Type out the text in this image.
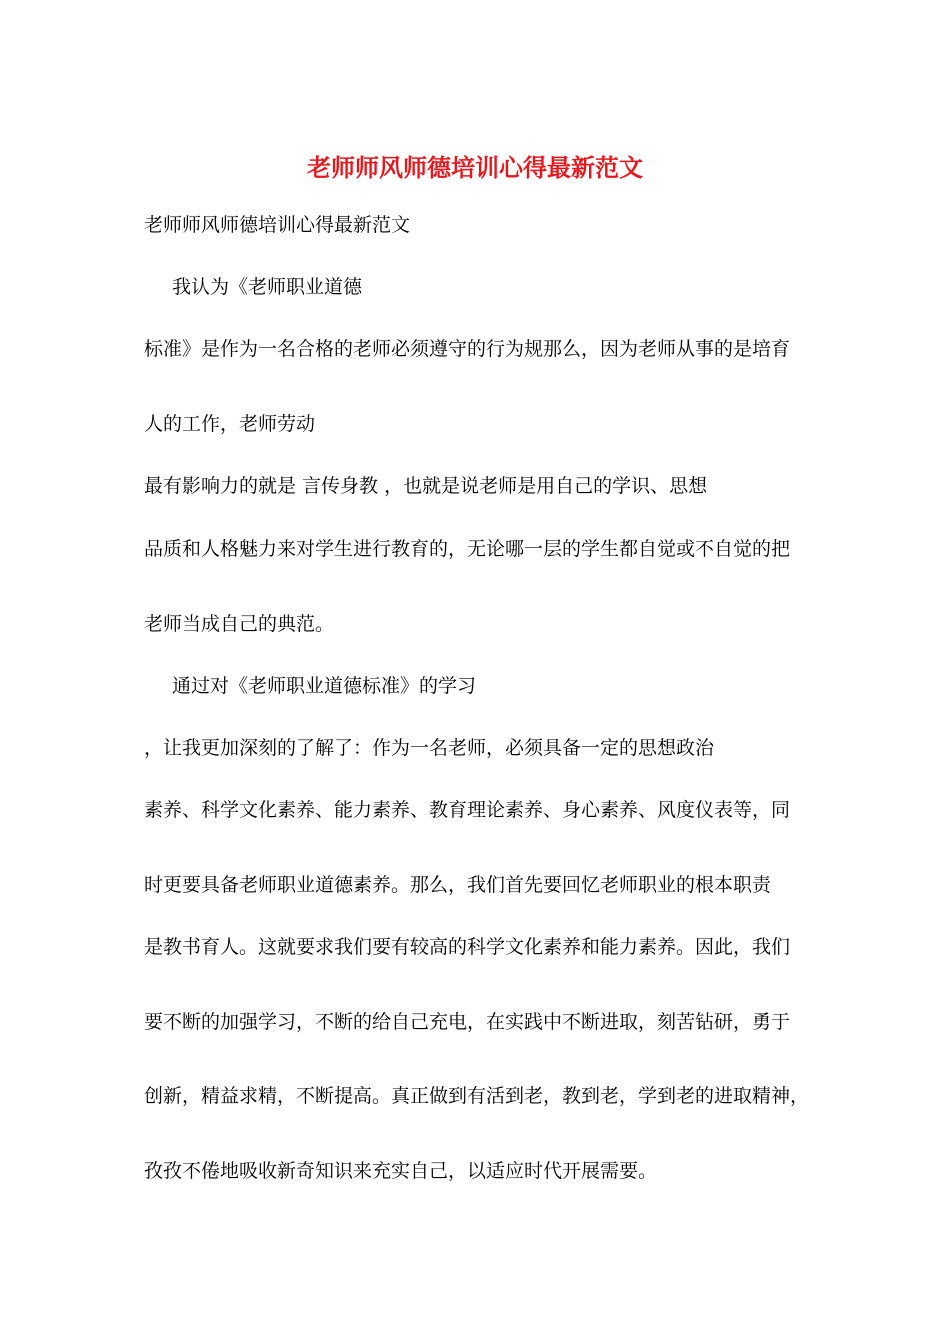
老师师风师德培训心得最新范文
老师师风师德培训心得最新范文
我认为《老师职业道德
标准》是作为一名合格的老师必须遵守的行为规那么，因为老师从事的是培育
人的工作，老师劳动
最有影响力的就是 言传身教 ，也就是说老师是用自己的学识、思想
品质和人格魅力来对学生进行教育的，无论哪一层的学生都自觉或不自觉的把
老师当成自己的典范。
通过对《老师职业道德标准》的学习
，让我更加深刻的了解了：作为一名老师，必须具备一定的思想政治
素养、科学文化素养、能力素养、教育理论素养、身心素养、风度仪表等，同
时更要具备老师职业道德素养。那么，我们首先要回忆老师职业的根本职责
是教书育人。这就要求我们要有较高的科学文化素养和能力素养。因此，我们
要不断的加强学习，不断的给自己充电，在实践中不断进取，刻苦钻研，勇于
创新，精益求精，不断提高。真正做到有活到老，教到老，学到老的进取精神，
孜孜不倦地吸收新奇知识来充实自己，以适应时代开展需要。
